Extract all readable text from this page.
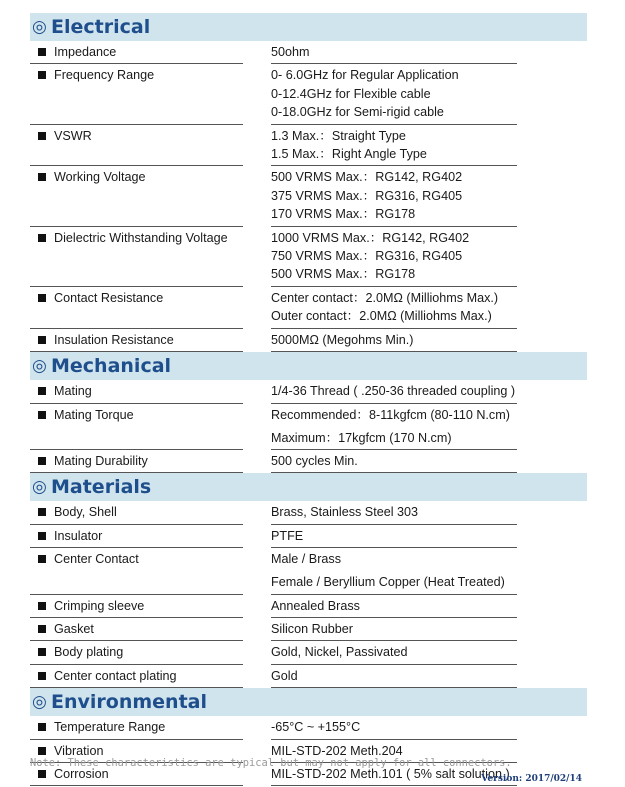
◎ Electrical
Impedance	50ohm
Frequency Range	0- 6.0GHz for Regular Application
0-12.4GHz for Flexible cable
0-18.0GHz for Semi-rigid cable
VSWR	1.3 Max.：Straight Type
1.5 Max.：Right Angle Type
Working Voltage	500 VRMS Max.：RG142, RG402
375 VRMS Max.：RG316, RG405
170 VRMS Max.：RG178
Dielectric Withstanding Voltage	1000 VRMS Max.：RG142, RG402
750 VRMS Max.：RG316, RG405
500 VRMS Max.：RG178
Contact Resistance	Center contact：2.0MΩ (Milliohms Max.)
Outer contact：2.0MΩ (Milliohms Max.)
Insulation Resistance	5000MΩ (Megohms Min.)
◎ Mechanical
Mating	1/4-36 Thread ( .250-36 threaded coupling )
Mating Torque	Recommended：8-11kgfcm (80-110 N.cm)
Maximum：17kgfcm (170 N.cm)
Mating Durability	500 cycles Min.
◎ Materials
Body, Shell	Brass, Stainless Steel 303
Insulator	PTFE
Center Contact	Male / Brass
Female / Beryllium Copper (Heat Treated)
Crimping sleeve	Annealed Brass
Gasket	Silicon Rubber
Body plating	Gold, Nickel, Passivated
Center contact plating	Gold
◎ Environmental
Temperature Range	-65°C ~ +155°C
Vibration	MIL-STD-202 Meth.204
Corrosion	MIL-STD-202 Meth.101 ( 5% salt solution )
Note: These characteristics are typical but may not apply for all connectors.
Version: 2017/02/14
